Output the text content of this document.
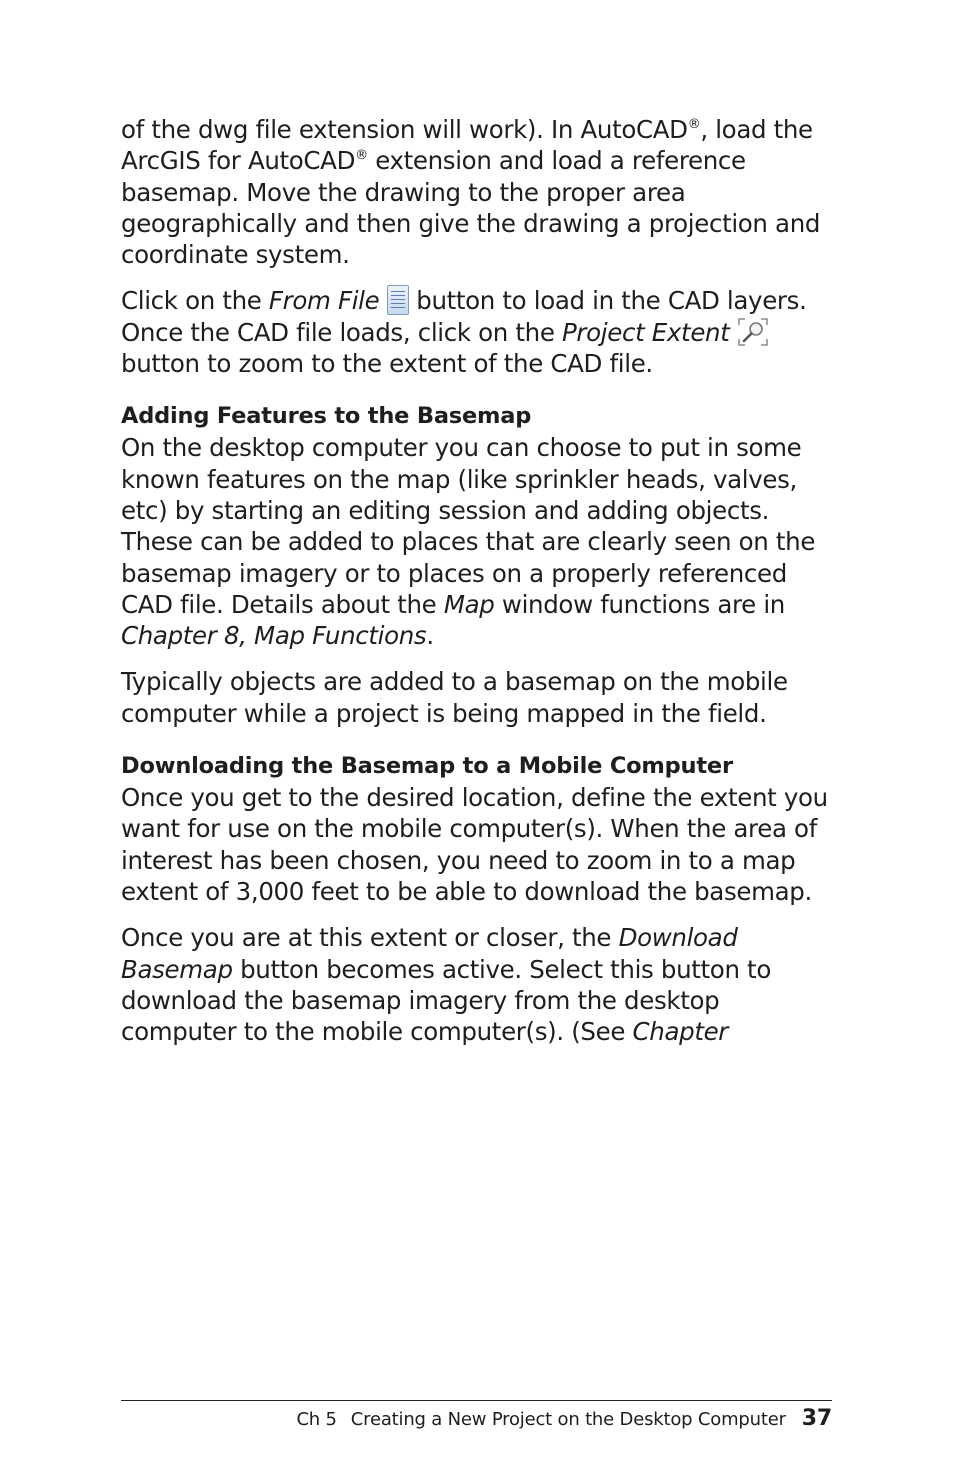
of the dwg file extension will work). In AutoCAD®, load the ArcGIS for AutoCAD® extension and load a reference basemap. Move the drawing to the proper area geographically and then give the drawing a projection and coordinate system.

Click on the From File  button to load in the CAD layers. Once the CAD file loads, click on the Project Extent  button to zoom to the extent of the CAD file.

Adding Features to the Basemap

On the desktop computer you can choose to put in some known features on the map (like sprinkler heads, valves, etc) by starting an editing session and adding objects. These can be added to places that are clearly seen on the basemap imagery or to places on a properly referenced CAD file. Details about the Map window functions are in Chapter 8, Map Functions.

Typically objects are added to a basemap on the mobile computer while a project is being mapped in the field.

Downloading the Basemap to a Mobile Computer

Once you get to the desired location, define the extent you want for use on the mobile computer(s). When the area of interest has been chosen, you need to zoom in to a map extent of 3,000 feet to be able to download the basemap.

Once you are at this extent or closer, the Download Basemap button becomes active. Select this button to download the basemap imagery from the desktop computer to the mobile computer(s). (See Chapter

Ch 5 Creating a New Project on the Desktop Computer 37
